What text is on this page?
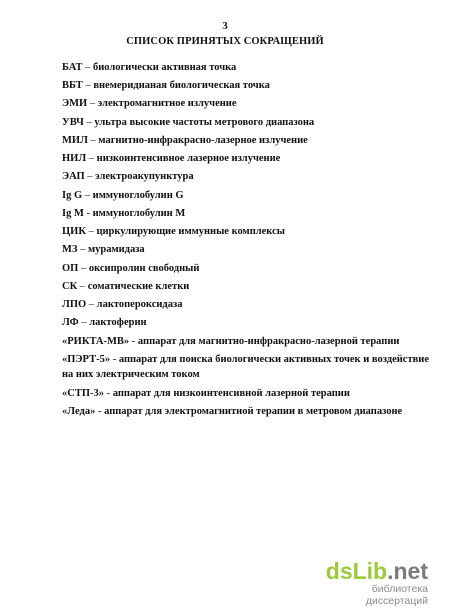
3
СПИСОК ПРИНЯТЫХ СОКРАЩЕНИЙ
БАТ – биологически активная точка
ВБТ – внемеридианая биологическая точка
ЭМИ – электромагнитное излучение
УВЧ – ультра высокие частоты метрового диапазона
МИЛ – магнитно-инфракрасно-лазерное излучение
НИЛ – низкоинтенсивное лазерное излучение
ЭАП – электроакупунктура
Ig G – иммуноглобулин G
Ig M - иммуноглобулин M
ЦИК – циркулирующие иммунные комплексы
МЗ – мурамидаза
ОП – оксипролин свободный
СК – соматические клетки
ЛПО – лактопероксидаза
ЛФ – лактоферин
«РИКТА-МВ» - аппарат для магнитно-инфракрасно-лазерной терапии
«ПЭРТ-5» - аппарат для поиска биологически активных точек и воздействие на них электрическим током
«СТП-3» - аппарат для низкоинтенсивной лазерной терапии
«Леда» - аппарат для электромагнитной терапии в метровом диапазоне
dsLib.net
библиотека диссертаций
